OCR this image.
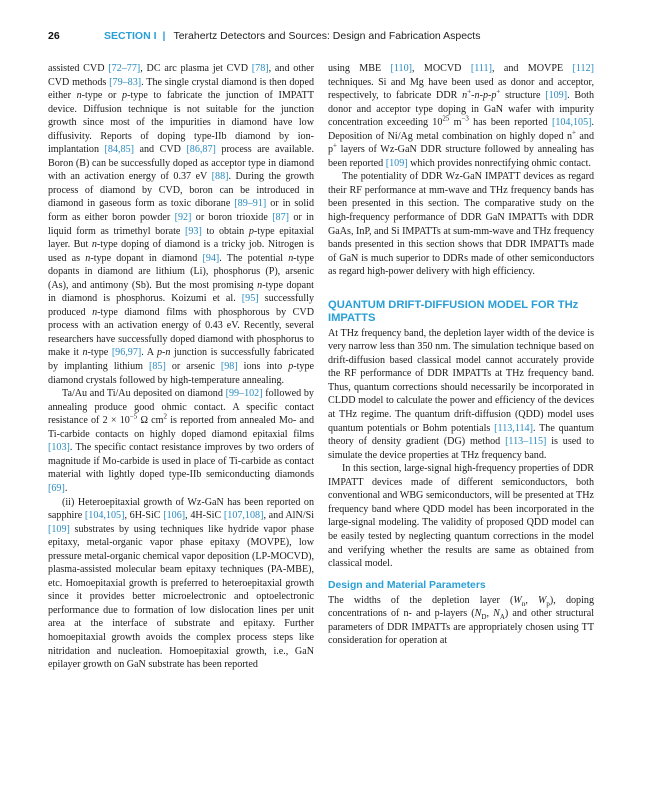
26	SECTION I | Terahertz Detectors and Sources: Design and Fabrication Aspects

assisted CVD [72–77], DC arc plasma jet CVD [78], and other CVD methods [79–83]. The single crystal diamond is then doped either n-type or p-type to fabricate the junction of IMPATT device. Diffusion technique is not suitable for the junction growth since most of the impurities in diamond have low diffusivity. Reports of doping type-IIb diamond by ion-implantation [84,85] and CVD [86,87] process are available. Boron (B) can be successfully doped as acceptor type in diamond with an activation energy of 0.37 eV [88]. During the growth process of diamond by CVD, boron can be introduced in diamond in gaseous form as toxic diborane [89–91] or in solid form as either boron powder [92] or boron trioxide [87] or in liquid form as trimethyl borate [93] to obtain p-type epitaxial layer. But n-type doping of diamond is a tricky job. Nitrogen is used as n-type dopant in diamond [94]. The potential n-type dopants in diamond are lithium (Li), phosphorus (P), arsenic (As), and antimony (Sb). But the most promising n-type dopant in diamond is phosphorus. Koizumi et al. [95] successfully produced n-type diamond films with phosphorous by CVD process with an activation energy of 0.43 eV. Recently, several researchers have successfully doped diamond with phosphorus to make it n-type [96,97]. A p-n junction is successfully fabricated by implanting lithium [85] or arsenic [98] ions into p-type diamond crystals followed by high-temperature annealing.

Ta/Au and Ti/Au deposited on diamond [99–102] followed by annealing produce good ohmic contact. A specific contact resistance of $2 \times 10^{-5}$ Ω $cm^2$ is reported from annealed Mo- and Ti-carbide contacts on highly doped diamond epitaxial films [103]. The specific contact resistance improves by two orders of magnitude if Mo-carbide is used in place of Ti-carbide as contact material with lightly doped type-IIb semiconducting diamonds [69].

(ii) Heteroepitaxial growth of Wz-GaN has been reported on sapphire [104,105], 6H-SiC [106], 4H-SiC [107,108], and AlN/Si [109] substrates by using techniques like hydride vapor phase epitaxy, metal-organic vapor phase epitaxy (MOVPE), low pressure metal-organic chemical vapor deposition (LP-MOCVD), plasma-assisted molecular beam epitaxy techniques (PA-MBE), etc. Homoepitaxial growth is preferred to heteroepitaxial growth since it provides better microelectronic and optoelectronic performance due to formation of low dislocation lines per unit area at the interface of substrate and epitaxy. Further homoepitaxial growth avoids the complex process steps like nitridation and nucleation. Homoepitaxial growth, i.e., GaN epilayer growth on GaN substrate has been reported

using MBE [110], MOCVD [111], and MOVPE [112] techniques. Si and Mg have been used as donor and acceptor, respectively, to fabricate DDR n+-n-p-p+ structure [109]. Both donor and acceptor type doping in GaN wafer with impurity concentration exceeding $10^{25}$ $m^{-3}$ has been reported [104,105]. Deposition of Ni/Ag metal combination on highly doped n+ and p+ layers of Wz-GaN DDR structure followed by annealing has been reported [109] which provides nonrectifying ohmic contact.

The potentiality of DDR Wz-GaN IMPATT devices as regard their RF performance at mm-wave and THz frequency bands has been presented in this section. The comparative study on the high-frequency performance of DDR GaN IMPATTs with DDR GaAs, InP, and Si IMPATTs at sum-mm-wave and THz frequency bands presented in this section shows that DDR IMPATTs made of GaN is much superior to DDRs made of other semiconductors as regard high-power delivery with high efficiency.

QUANTUM DRIFT-DIFFUSION MODEL FOR THz IMPATTS

At THz frequency band, the depletion layer width of the device is very narrow less than 350 nm. The simulation technique based on drift-diffusion based classical model cannot accurately provide the RF performance of DDR IMPATTs at THz frequency band. Thus, quantum corrections should necessarily be incorporated in CLDD model to calculate the power and efficiency of the devices at THz regime. The quantum drift-diffusion (QDD) model uses quantum potentials or Bohm potentials [113,114]. The quantum theory of density gradient (DG) method [113–115] is used to simulate the device properties at THz frequency band.

In this section, large-signal high-frequency properties of DDR IMPATT devices made of different semiconductors, both conventional and WBG semiconductors, will be presented at THz frequency band where QDD model has been incorporated in the large-signal modeling. The validity of proposed QDD model can be easily tested by neglecting quantum corrections in the model and verifying whether the results are same as obtained from classical model.

Design and Material Parameters

The widths of the depletion layer ($W_n$, $W_p$), doping concentrations of n- and p-layers ($N_D$, $N_A$) and other structural parameters of DDR IMPATTs are appropriately chosen using TT consideration for operation at
